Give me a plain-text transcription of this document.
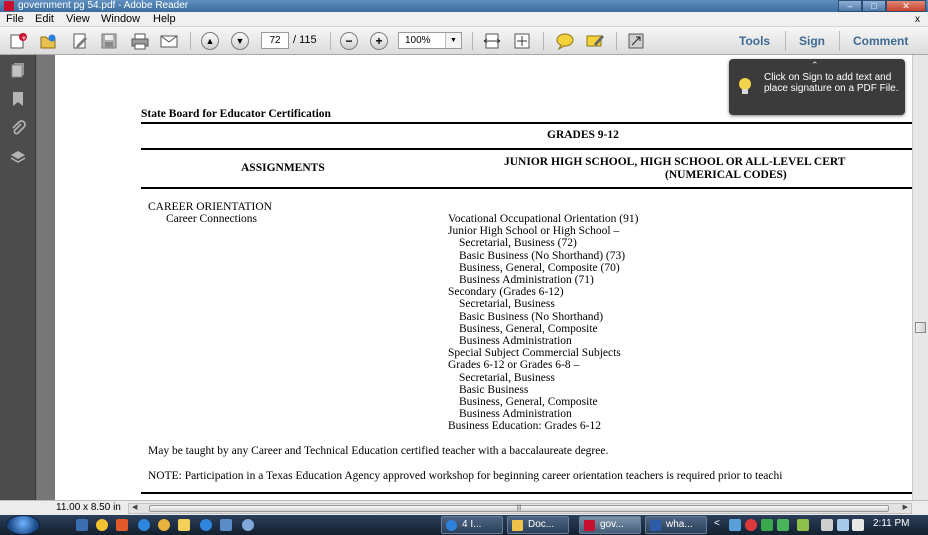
government pg 54.pdf - Adobe Reader	–	□	✕
File Edit View Window Help	x
+	▲	▼	72	/ 115	−	+	100%	▼	Tools Sign Comment
State Board for Educator Certification
GRADES 9-12
ASSIGNMENTS	JUNIOR HIGH SCHOOL, HIGH SCHOOL OR ALL-LEVEL CERT
(NUMERICAL CODES)
CAREER ORIENTATION
Career Connections	Vocational Occupational Orientation (91)
Junior High School or High School –
Secretarial, Business (72)
Basic Business (No Shorthand) (73)
Business, General, Composite (70)
Business Administration (71)
Secondary (Grades 6-12)
Secretarial, Business
Basic Business (No Shorthand)
Business, General, Composite
Business Administration
Special Subject Commercial Subjects
Grades 6-12 or Grades 6-8 –
Secretarial, Business
Basic Business
Business, General, Composite
Business Administration
Business Education: Grades 6-12
May be taught by any Career and Technical Education certified teacher with a baccalaureate degree.
NOTE: Participation in a Texas Education Agency approved workshop for beginning career orientation teachers is required prior to teachi
⌃
Click on Sign to add text and place signature on a PDF File.
11.00 x 8.50 in ◀	|||	▶
4 I...	Doc...	gov...	wha...	<	2:11 PM
